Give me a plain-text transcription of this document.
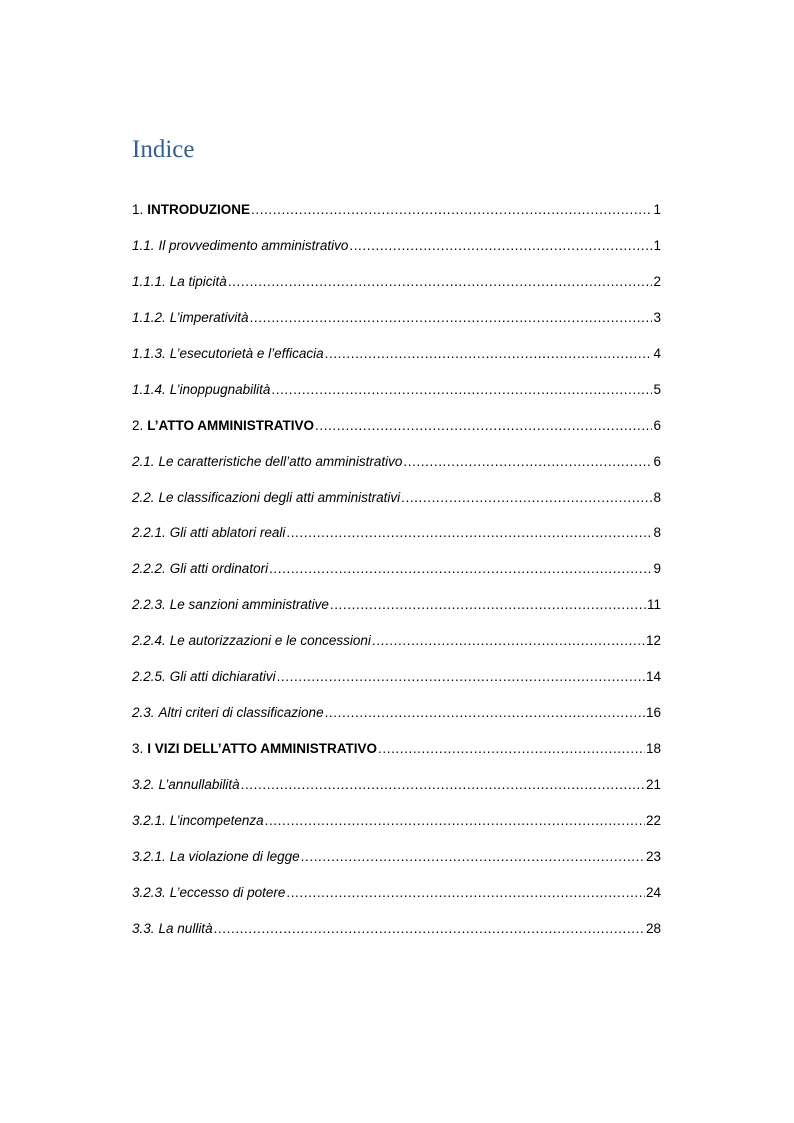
Indice
1. INTRODUZIONE .....	1
1.1. Il provvedimento amministrativo .....	1
1.1.1. La tipicità .....	2
1.1.2. L’imperatività .....	3
1.1.3. L’esecutorietà e l’efficacia .....	4
1.1.4. L’inoppugnabilità .....	5
2. L’ATTO AMMINISTRATIVO .....	6
2.1. Le caratteristiche dell’atto amministrativo .....	6
2.2. Le classificazioni degli atti amministrativi .....	8
2.2.1. Gli atti ablatori reali .....	8
2.2.2. Gli atti ordinatori .....	9
2.2.3. Le sanzioni amministrative .....	11
2.2.4. Le autorizzazioni e le concessioni .....	12
2.2.5. Gli atti dichiarativi .....	14
2.3. Altri criteri di classificazione .....	16
3. I VIZI DELL’ATTO AMMINISTRATIVO .....	18
3.2. L’annullabilità .....	21
3.2.1. L’incompetenza .....	22
3.2.1. La violazione di legge .....	23
3.2.3. L’eccesso di potere .....	24
3.3. La nullità .....	28
